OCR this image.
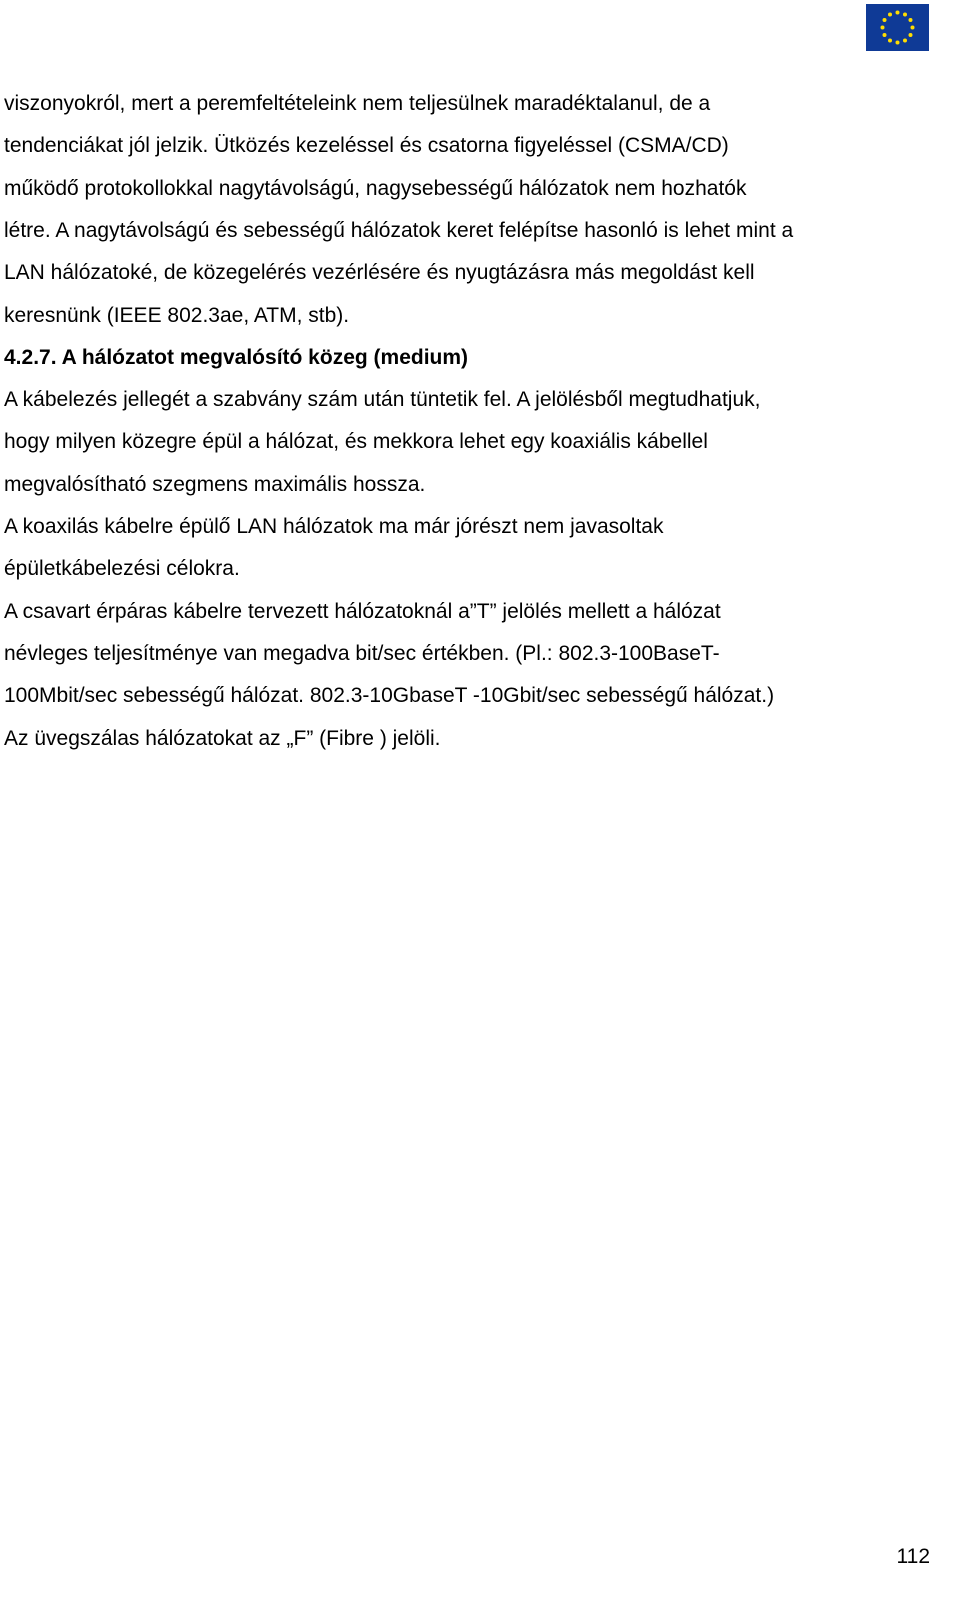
viszonyokról, mert a peremfeltételeink nem teljesülnek maradéktalanul, de a
tendenciákat jól jelzik. Ütközés kezeléssel és csatorna figyeléssel (CSMA/CD)
működő protokollokkal nagytávolságú, nagysebességű hálózatok nem hozhatók
létre. A nagytávolságú és sebességű hálózatok keret felépítse hasonló is lehet mint a
LAN hálózatoké, de közegelérés vezérlésére és nyugtázásra más megoldást kell
keresnünk (IEEE 802.3ae, ATM, stb).
4.2.7. A hálózatot megvalósító közeg (medium)
A kábelezés jellegét a szabvány szám után tüntetik fel. A jelölésből megtudhatjuk,
hogy milyen közegre épül a hálózat, és mekkora lehet egy koaxiális kábellel
megvalósítható szegmens maximális hossza.
A koaxilás kábelre épülő LAN hálózatok ma már jórészt nem javasoltak
épületkábelezési célokra.
A csavart érpáras kábelre tervezett hálózatoknál a”T” jelölés mellett a hálózat
névleges teljesítménye van megadva bit/sec értékben. (Pl.: 802.3-100BaseT-
100Mbit/sec sebességű hálózat. 802.3-10GbaseT -10Gbit/sec sebességű hálózat.)
Az üvegszálas hálózatokat az „F” (Fibre ) jelöli.
112
